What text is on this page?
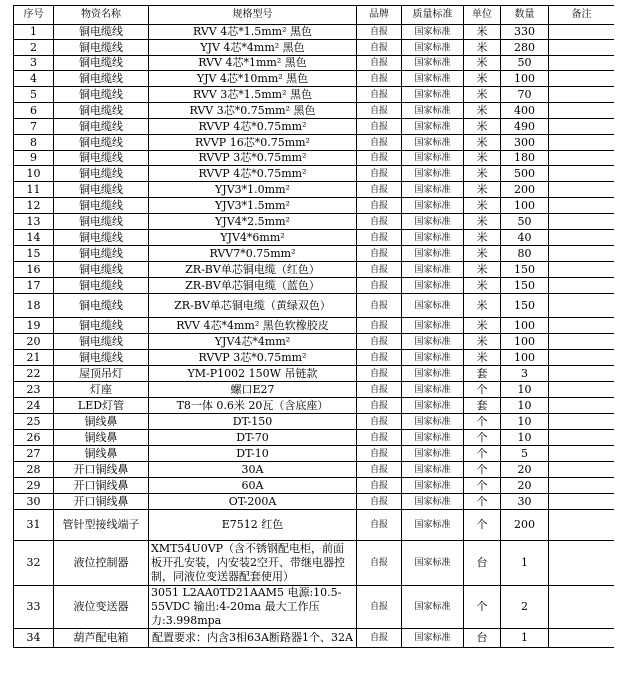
序号	物资名称	规格型号	品牌	质量标准	单位	数量	备注
1	铜电缆线	RVV 4芯*1.5mm² 黑色	自报	国家标准	米	330	
2	铜电缆线	YJV 4芯*4mm² 黑色	自报	国家标准	米	280	
3	铜电缆线	RVV 4芯*1mm² 黑色	自报	国家标准	米	50	
4	铜电缆线	YJV 4芯*10mm² 黑色	自报	国家标准	米	100	
5	铜电缆线	RVV 3芯*1.5mm² 黑色	自报	国家标准	米	70	
6	铜电缆线	RVV 3芯*0.75mm² 黑色	自报	国家标准	米	400	
7	铜电缆线	RVVP 4芯*0.75mm²	自报	国家标准	米	490	
8	铜电缆线	RVVP 16芯*0.75mm²	自报	国家标准	米	300	
9	铜电缆线	RVVP 3芯*0.75mm²	自报	国家标准	米	180	
10	铜电缆线	RVVP 4芯*0.75mm²	自报	国家标准	米	500	
11	铜电缆线	YJV3*1.0mm²	自报	国家标准	米	200	
12	铜电缆线	YJV3*1.5mm²	自报	国家标准	米	100	
13	铜电缆线	YJV4*2.5mm²	自报	国家标准	米	50	
14	铜电缆线	YJV4*6mm²	自报	国家标准	米	40	
15	铜电缆线	RVV7*0.75mm²	自报	国家标准	米	80	
16	铜电缆线	ZR-BV单芯铜电缆（红色）	自报	国家标准	米	150	
17	铜电缆线	ZR-BV单芯铜电缆（蓝色）	自报	国家标准	米	150	
18	铜电缆线	ZR-BV单芯铜电缆（黄绿双色）	自报	国家标准	米	150	
19	铜电缆线	RVV 4芯*4mm² 黑色软橡胶皮	自报	国家标准	米	100	
20	铜电缆线	YJV4芯*4mm²	自报	国家标准	米	100	
21	铜电缆线	RVVP 3芯*0.75mm²	自报	国家标准	米	100	
22	屋顶吊灯	YM-P1002 150W 吊链款	自报	国家标准	套	3	
23	灯座	螺口E27	自报	国家标准	个	10	
24	LED灯管	T8一体 0.6米 20瓦（含底座）	自报	国家标准	套	10	
25	铜线鼻	DT-150	自报	国家标准	个	10	
26	铜线鼻	DT-70	自报	国家标准	个	10	
27	铜线鼻	DT-10	自报	国家标准	个	5	
28	开口铜线鼻	30A	自报	国家标准	个	20	
29	开口铜线鼻	60A	自报	国家标准	个	20	
30	开口铜线鼻	OT-200A	自报	国家标准	个	30	
31	管针型接线端子	E7512 红色	自报	国家标准	个	200	
32	液位控制器	XMT54U0VP（含不锈钢配电柜，前面板开孔安装，内安装2空开、带继电器控制，同液位变送器配套使用）	自报	国家标准	台	1	
33	液位变送器	3051 L2AA0TD21AAM5 电源:10.5-55VDC 输出:4-20ma 最大工作压力:3.998mpa	自报	国家标准	个	2	
34	葫芦配电箱	配置要求：内含3相63A断路器1个、32A	自报	国家标准	台	1	
